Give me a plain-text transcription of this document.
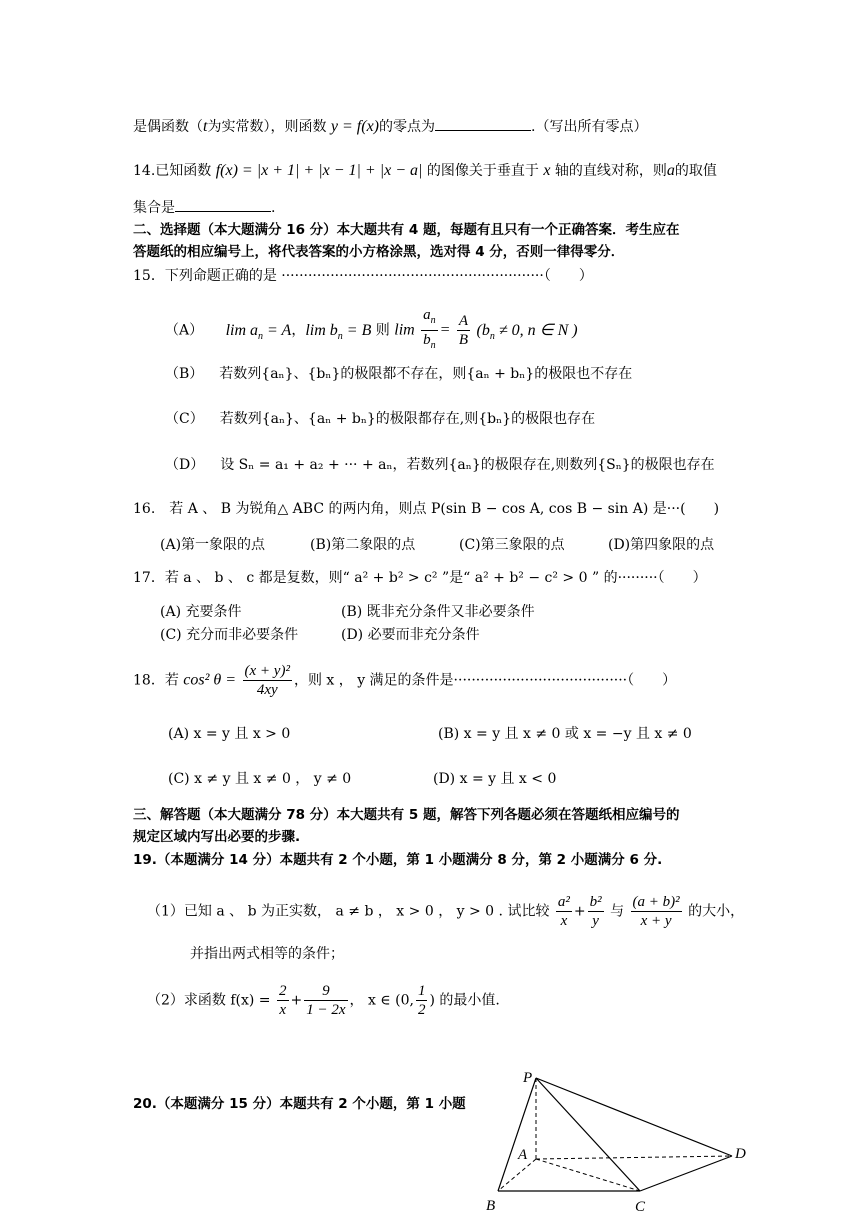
是偶函数（t为实常数），则函数 y = f(x)的零点为	.（写出所有零点）
14.已知函数 f(x) = |x + 1| + |x − 1| + |x − a| 的图像关于垂直于 x 轴的直线对称，则a的取值
集合是	.
二、选择题（本大题满分 16 分）本大题共有 4 题，每题有且只有一个正确答案．考生应在
答题纸的相应编号上，将代表答案的小方格涂黑，选对得 4 分，否则一律得零分．
15．下列命题正确的是 ···························································（　　）
（A） $\lim a_n = A$，$\lim b_n = B$ 则 $\lim \frac{a_n}{b_n} = \frac{A}{B} (b_n \ne 0$, n ∈ N )
（B） 若数列{aₙ}、{bₙ}的极限都不存在，则{aₙ + bₙ}的极限也不存在
（C） 若数列{aₙ}、{aₙ + bₙ}的极限都存在,则{bₙ}的极限也存在
（D） 设 Sₙ = a₁ + a₂ + ··· + aₙ，若数列{aₙ}的极限存在,则数列{Sₙ}的极限也存在
16.　若 A 、 B 为锐角△ ABC 的两内角，则点 P(sin B − cos A, cos B − sin A) 是···(　　)
(A)第一象限的点	(B)第二象限的点	(C)第三象限的点	(D)第四象限的点
17．若 a 、 b 、 c 都是复数，则“ a² + b² > c² ”是“ a² + b² − c² > 0 ” 的·········（　　）
(A) 充要条件	(B) 既非充分条件又非必要条件
(C) 充分而非必要条件	(D) 必要而非充分条件
18．若 cos² $\theta = \frac{\text{(x + y)²}}{4xy}$ ，则 x ， y 满足的条件是·······································（　　）
(A) x = y 且 x > 0	(B) x = y 且 x ≠ 0 或 x = −y 且 x ≠ 0
(C) x ≠ y 且 x ≠ 0 ， y ≠ 0	(D) x = y 且 x < 0
三、解答题（本大题满分 78 分）本大题共有 5 题，解答下列各题必须在答题纸相应编号的
规定区域内写出必要的步骤.
19.（本题满分 14 分）本题共有 2 个小题，第 1 小题满分 8 分，第 2 小题满分 6 分.
（1）已知 a 、 b 为正实数， a ≠ b ， x > 0 ， y > 0 . 试比较 $\frac{\text{a²}}{x} + \frac{\text{b²}}{y}$ 与 $\frac{\text{(a + b)²}}{x + y}$ 的大小，
并指出两式相等的条件；
（2）求函数 $f(x) = \frac{2}{x} + \frac{9}{1 - 2x}$ ， x ∈ (0, $\frac{1}{2}$ ) 的最小值.
20.（本题满分 15 分）本题共有 2 个小题，第 1 小题
P
A	D
B	C
